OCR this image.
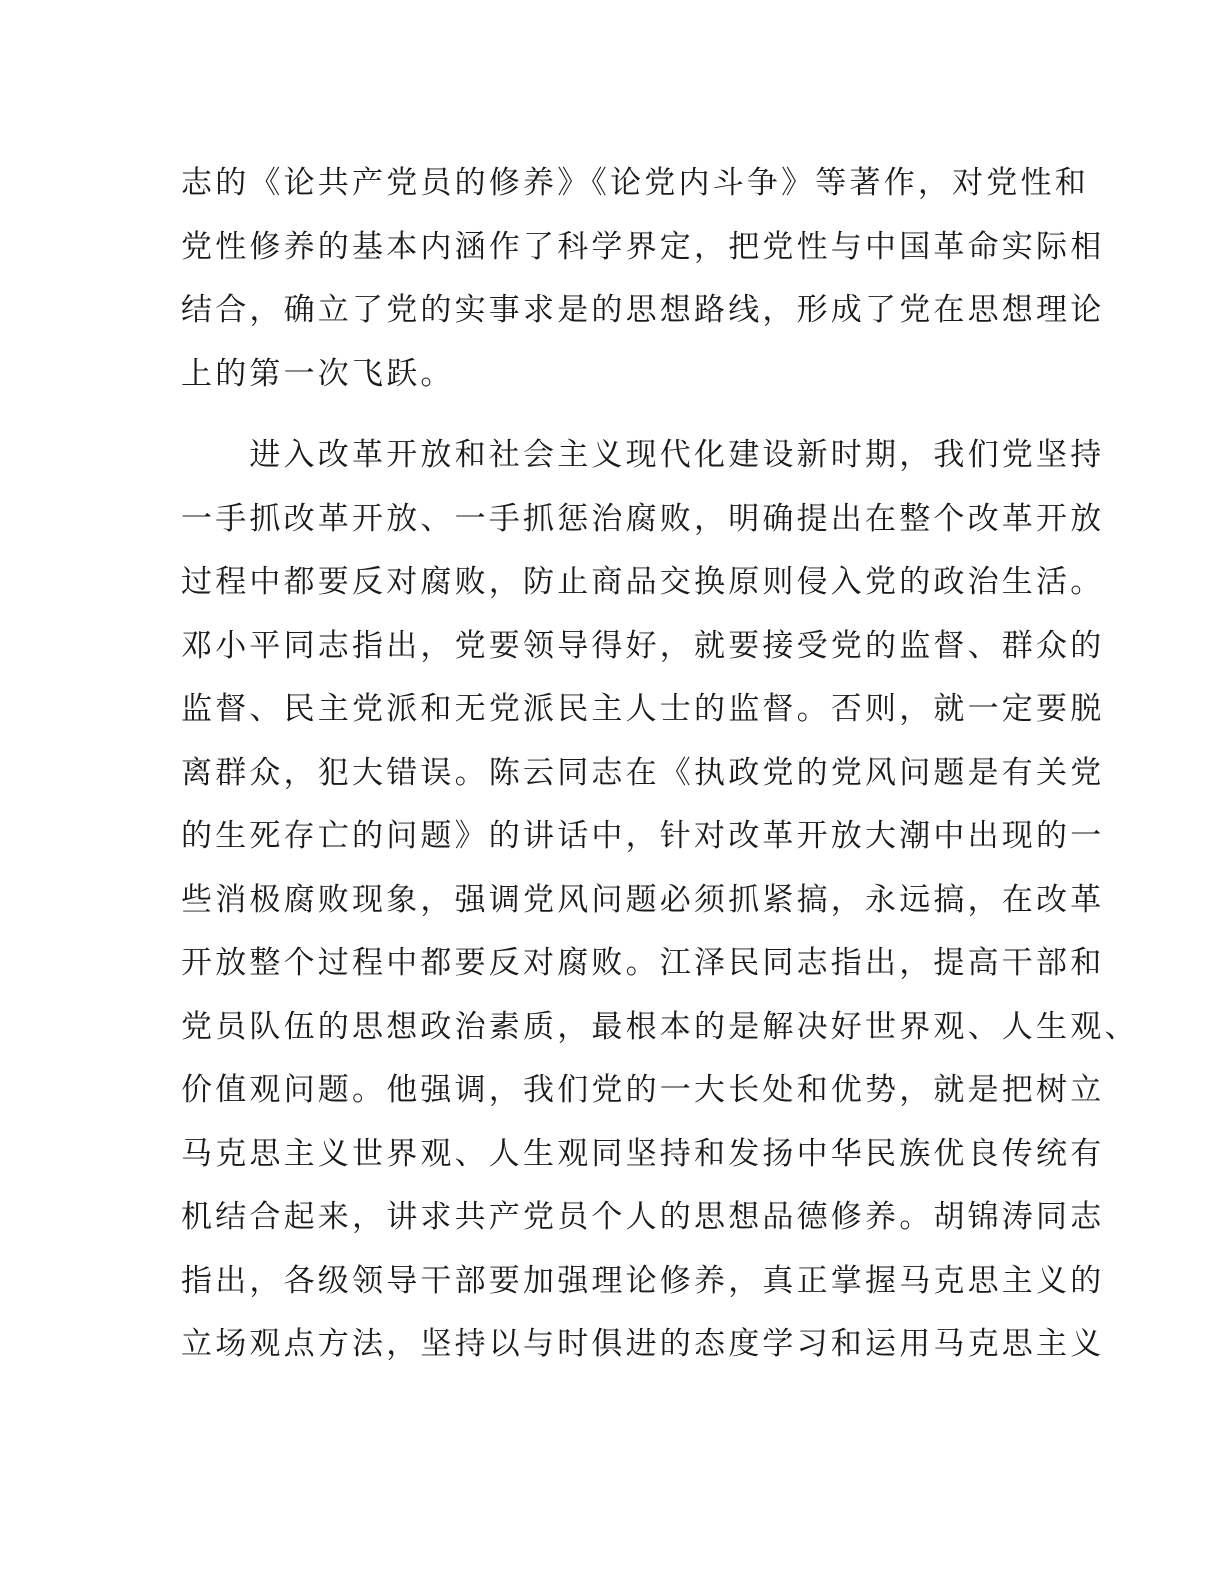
志的《论共产党员的修养》《论党内斗争》等著作，对党性和
党性修养的基本内涵作了科学界定，把党性与中国革命实际相
结合，确立了党的实事求是的思想路线，形成了党在思想理论
上的第一次飞跃。
　　进入改革开放和社会主义现代化建设新时期，我们党坚持
一手抓改革开放、一手抓惩治腐败，明确提出在整个改革开放
过程中都要反对腐败，防止商品交换原则侵入党的政治生活。
邓小平同志指出，党要领导得好，就要接受党的监督、群众的
监督、民主党派和无党派民主人士的监督。否则，就一定要脱
离群众，犯大错误。陈云同志在《执政党的党风问题是有关党
的生死存亡的问题》的讲话中，针对改革开放大潮中出现的一
些消极腐败现象，强调党风问题必须抓紧搞，永远搞，在改革
开放整个过程中都要反对腐败。江泽民同志指出，提高干部和
党员队伍的思想政治素质，最根本的是解决好世界观、人生观、
价值观问题。他强调，我们党的一大长处和优势，就是把树立
马克思主义世界观、人生观同坚持和发扬中华民族优良传统有
机结合起来，讲求共产党员个人的思想品德修养。胡锦涛同志
指出，各级领导干部要加强理论修养，真正掌握马克思主义的
立场观点方法，坚持以与时俱进的态度学习和运用马克思主义
